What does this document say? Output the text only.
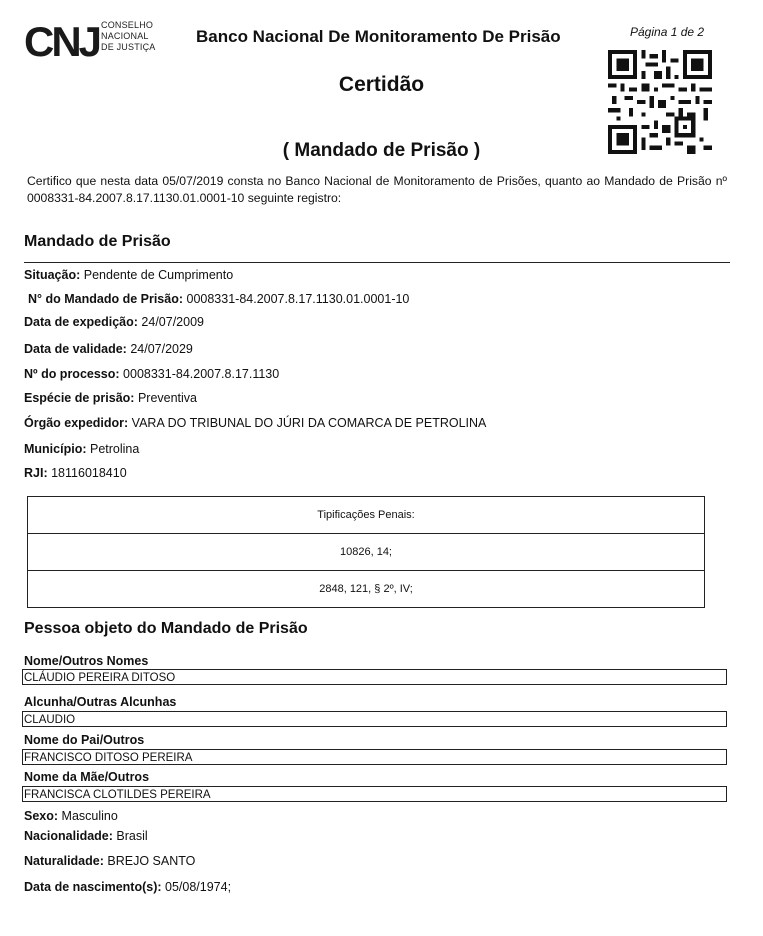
CNJ CONSELHO
NACIONAL
DE JUSTIÇA
Banco Nacional De Monitoramento De Prisão	Página 1 de 2
Certidão
( Mandado de Prisão )
Certifico que nesta data 05/07/2019 consta no Banco Nacional de Monitoramento de Prisões, quanto ao Mandado de Prisão nº 0008331-84.2007.8.17.1130.01.0001-10 seguinte registro:
Mandado de Prisão
Situação: Pendente de Cumprimento
N° do Mandado de Prisão: 0008331-84.2007.8.17.1130.01.0001-10
Data de expedição: 24/07/2009
Data de validade: 24/07/2029
Nº do processo: 0008331-84.2007.8.17.1130
Espécie de prisão: Preventiva
Órgão expedidor: VARA DO TRIBUNAL DO JÚRI DA COMARCA DE PETROLINA
Município: Petrolina
RJI: 18116018410
Tipificações Penais:
10826, 14;
2848, 121, § 2º, IV;
Pessoa objeto do Mandado de Prisão
Nome/Outros Nomes
CLÁUDIO PEREIRA DITOSO
Alcunha/Outras Alcunhas
CLAUDIO
Nome do Pai/Outros
FRANCISCO DITOSO PEREIRA
Nome da Mãe/Outros
FRANCISCA CLOTILDES PEREIRA
Sexo: Masculino
Nacionalidade: Brasil
Naturalidade: BREJO SANTO
Data de nascimento(s): 05/08/1974;
